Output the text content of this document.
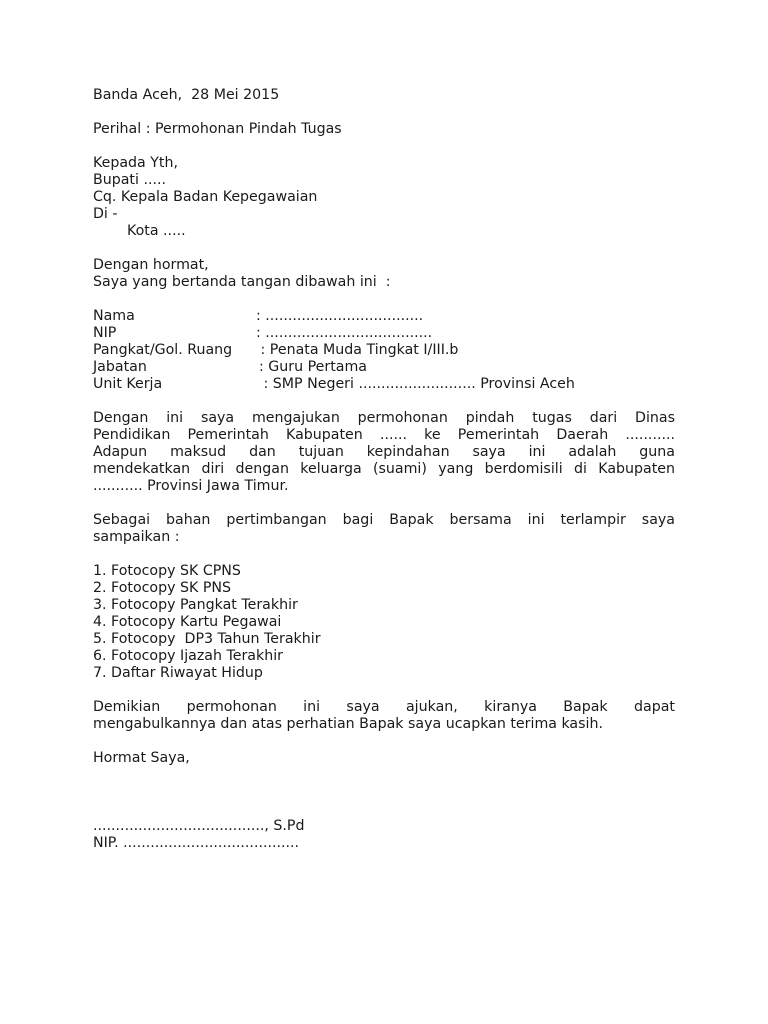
Banda Aceh,  28 Mei 2015
Perihal : Permohonan Pindah Tugas
Kepada Yth,
Bupati .....
Cq. Kepala Badan Kepegawaian
Di -
Kota .....
Dengan hormat,
Saya yang bertanda tangan dibawah ini  :
Nama	: ...................................
NIP	: .....................................
Pangkat/Gol. Ruang : Penata Muda Tingkat I/III.b
Jabatan	: Guru Pertama
Unit Kerja	: SMP Negeri .......................... Provinsi Aceh
Dengan ini saya mengajukan permohonan pindah tugas dari Dinas
Pendidikan Pemerintah Kabupaten ...... ke Pemerintah Daerah ...........
Adapun maksud dan tujuan kepindahan saya ini adalah guna
mendekatkan diri dengan keluarga (suami) yang berdomisili di Kabupaten
........... Provinsi Jawa Timur.
Sebagai bahan pertimbangan bagi Bapak bersama ini terlampir saya
sampaikan :
1. Fotocopy SK CPNS
2. Fotocopy SK PNS
3. Fotocopy Pangkat Terakhir
4. Fotocopy Kartu Pegawai
5. Fotocopy  DP3 Tahun Terakhir
6. Fotocopy Ijazah Terakhir
7. Daftar Riwayat Hidup
Demikian permohonan ini saya ajukan, kiranya Bapak dapat
mengabulkannya dan atas perhatian Bapak saya ucapkan terima kasih.
Hormat Saya,
......................................, S.Pd
NIP. .......................................
